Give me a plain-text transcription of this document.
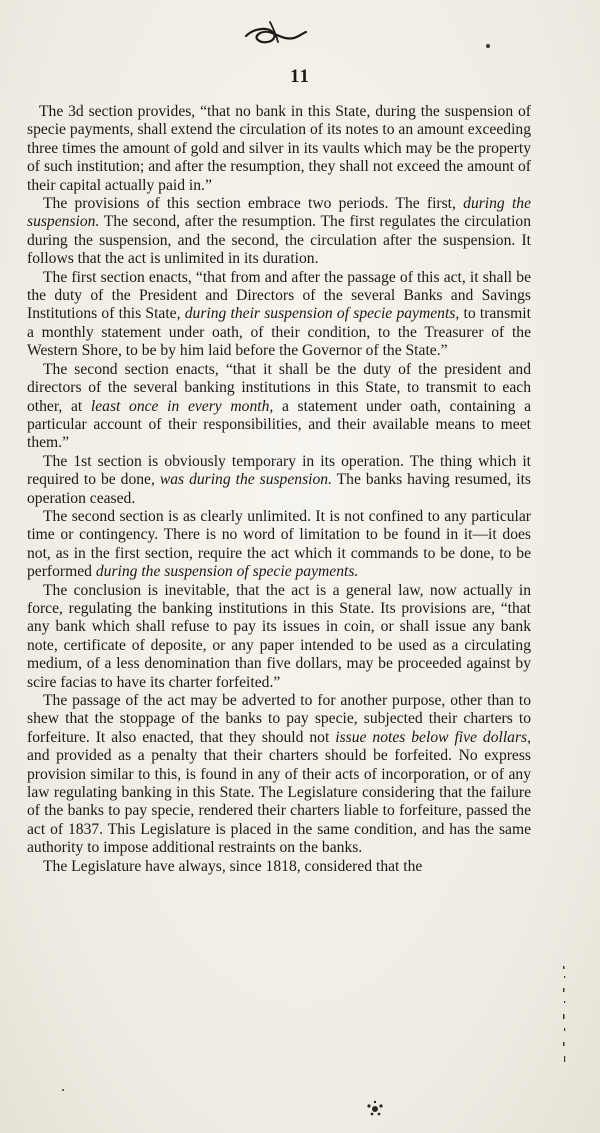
11

The 3d section provides, “that no bank in this State, during the suspension of specie payments, shall extend the circulation of its notes to an amount exceeding three times the amount of gold and silver in its vaults which may be the property of such institution; and after the resumption, they shall not exceed the amount of their capital actually paid in.”

The provisions of this section embrace two periods. The first, during the suspension. The second, after the resumption. The first regulates the circulation during the suspension, and the second, the circulation after the suspension. It follows that the act is unlimited in its duration.

The first section enacts, “that from and after the passage of this act, it shall be the duty of the President and Directors of the several Banks and Savings Institutions of this State, during their suspension of specie payments, to transmit a monthly statement under oath, of their condition, to the Treasurer of the Western Shore, to be by him laid before the Governor of the State.”

The second section enacts, “that it shall be the duty of the president and directors of the several banking institutions in this State, to transmit to each other, at least once in every month, a statement under oath, containing a particular account of their responsibilities, and their available means to meet them.”

The 1st section is obviously temporary in its operation. The thing which it required to be done, was during the suspension. The banks having resumed, its operation ceased.

The second section is as clearly unlimited. It is not confined to any particular time or contingency. There is no word of limitation to be found in it—it does not, as in the first section, require the act which it commands to be done, to be performed during the suspension of specie payments.

The conclusion is inevitable, that the act is a general law, now actually in force, regulating the banking institutions in this State. Its provisions are, “that any bank which shall refuse to pay its issues in coin, or shall issue any bank note, certificate of deposite, or any paper intended to be used as a circulating medium, of a less denomination than five dollars, may be proceeded against by scire facias to have its charter forfeited.”

The passage of the act may be adverted to for another purpose, other than to shew that the stoppage of the banks to pay specie, subjected their charters to forfeiture. It also enacted, that they should not issue notes below five dollars, and provided as a penalty that their charters should be forfeited. No express provision similar to this, is found in any of their acts of incorporation, or of any law regulating banking in this State. The Legislature considering that the failure of the banks to pay specie, rendered their charters liable to forfeiture, passed the act of 1837. This Legislature is placed in the same condition, and has the same authority to impose additional restraints on the banks.

The Legislature have always, since 1818, considered that the
